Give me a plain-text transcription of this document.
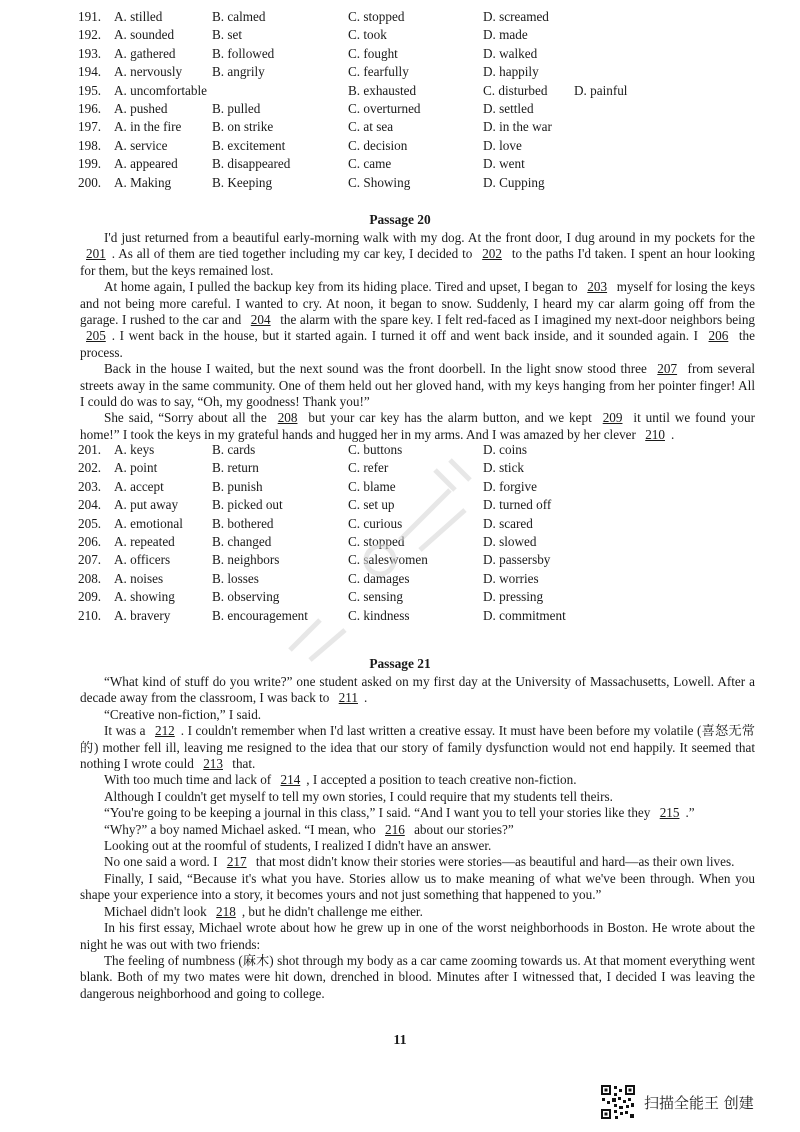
191. A. stilled	B. calmed	C. stopped	D. screamed
192. A. sounded	B. set	C. took	D. made
193. A. gathered	B. followed	C. fought	D. walked
194. A. nervously B. angrily	C. fearfully	D. happily
195. A. uncomfortable	B. exhausted	C. disturbed D. painful
196. A. pushed	B. pulled	C. overturned	D. settled
197. A. in the fire B. on strike	C. at sea	D. in the war
198. A. service	B. excitement	C. decision	D. love
199. A. appeared	B. disappeared	C. came	D. went
200. A. Making	B. Keeping	C. Showing	D. Cupping
Passage 20

I'd just returned from a beautiful early-morning walk with my dog. At the front door, I dug around in my pockets for the 201 . As all of them are tied together including my car key, I decided to 202 to the paths I'd taken. I spent an hour looking for them, but the keys remained lost.

At home again, I pulled the backup key from its hiding place. Tired and upset, I began to 203 myself for losing the keys and not being more careful. I wanted to cry. At noon, it began to snow. Suddenly, I heard my car alarm going off from the garage. I rushed to the car and 204 the alarm with the spare key. I felt red-faced as I imagined my next-door neighbors being 205 . I went back in the house, but it started again. I turned it off and went back inside, and it sounded again. I 206 the process.

Back in the house I waited, but the next sound was the front doorbell. In the light snow stood three 207 from several streets away in the same community. One of them held out her gloved hand, with my keys hanging from her pointer finger! All I could do was to say, “Oh, my goodness! Thank you!”

She said, “Sorry about all the 208 but your car key has the alarm button, and we kept 209 it until we found your home!” I took the keys in my grateful hands and hugged her in my arms. And I was amazed by her clever 210 .

201. A. keys	B. cards	C. buttons	D. coins
202. A. point	B. return	C. refer	D. stick
203. A. accept	B. punish	C. blame	D. forgive
204. A. put away	B. picked out	C. set up	D. turned off
205. A. emotional B. bothered	C. curious	D. scared
206. A. repeated	B. changed	C. stopped	D. slowed
207. A. officers	B. neighbors	C. saleswomen	D. passersby
208. A. noises	B. losses	C. damages	D. worries
209. A. showing	B. observing	C. sensing	D. pressing
210. A. bravery	B. encouragement	C. kindness	D. commitment
Passage 21

“What kind of stuff do you write?” one student asked on my first day at the University of Massachusetts, Lowell. After a decade away from the classroom, I was back to 211 .

“Creative non-fiction,” I said.

It was a 212 . I couldn't remember when I'd last written a creative essay. It must have been before my volatile (喜怒无常的) mother fell ill, leaving me resigned to the idea that our story of family dysfunction would not end happily. It seemed that nothing I wrote could 213 that.

With too much time and lack of 214 , I accepted a position to teach creative non-fiction.

Although I couldn't get myself to tell my own stories, I could require that my students tell theirs.

“You're going to be keeping a journal in this class,” I said. “And I want you to tell your stories like they 215 .”

“Why?” a boy named Michael asked. “I mean, who 216 about our stories?”

Looking out at the roomful of students, I realized I didn't have an answer.

No one said a word. I 217 that most didn't know their stories were stories—as beautiful and hard—as their own lives.

Finally, I said, “Because it's what you have. Stories allow us to make meaning of what we've been through. When you shape your experience into a story, it becomes yours and not just something that happened to you.”

Michael didn't look 218 , but he didn't challenge me either.

In his first essay, Michael wrote about how he grew up in one of the worst neighborhoods in Boston. He wrote about the night he was out with two friends:

The feeling of numbness (麻木) shot through my body as a car came zooming towards us. At that moment everything went blank. Both of my two mates were hit down, drenched in blood. Minutes after I witnessed that, I decided I was leaving the dangerous neighborhood and going to college.

11
扫描全能王 创建
